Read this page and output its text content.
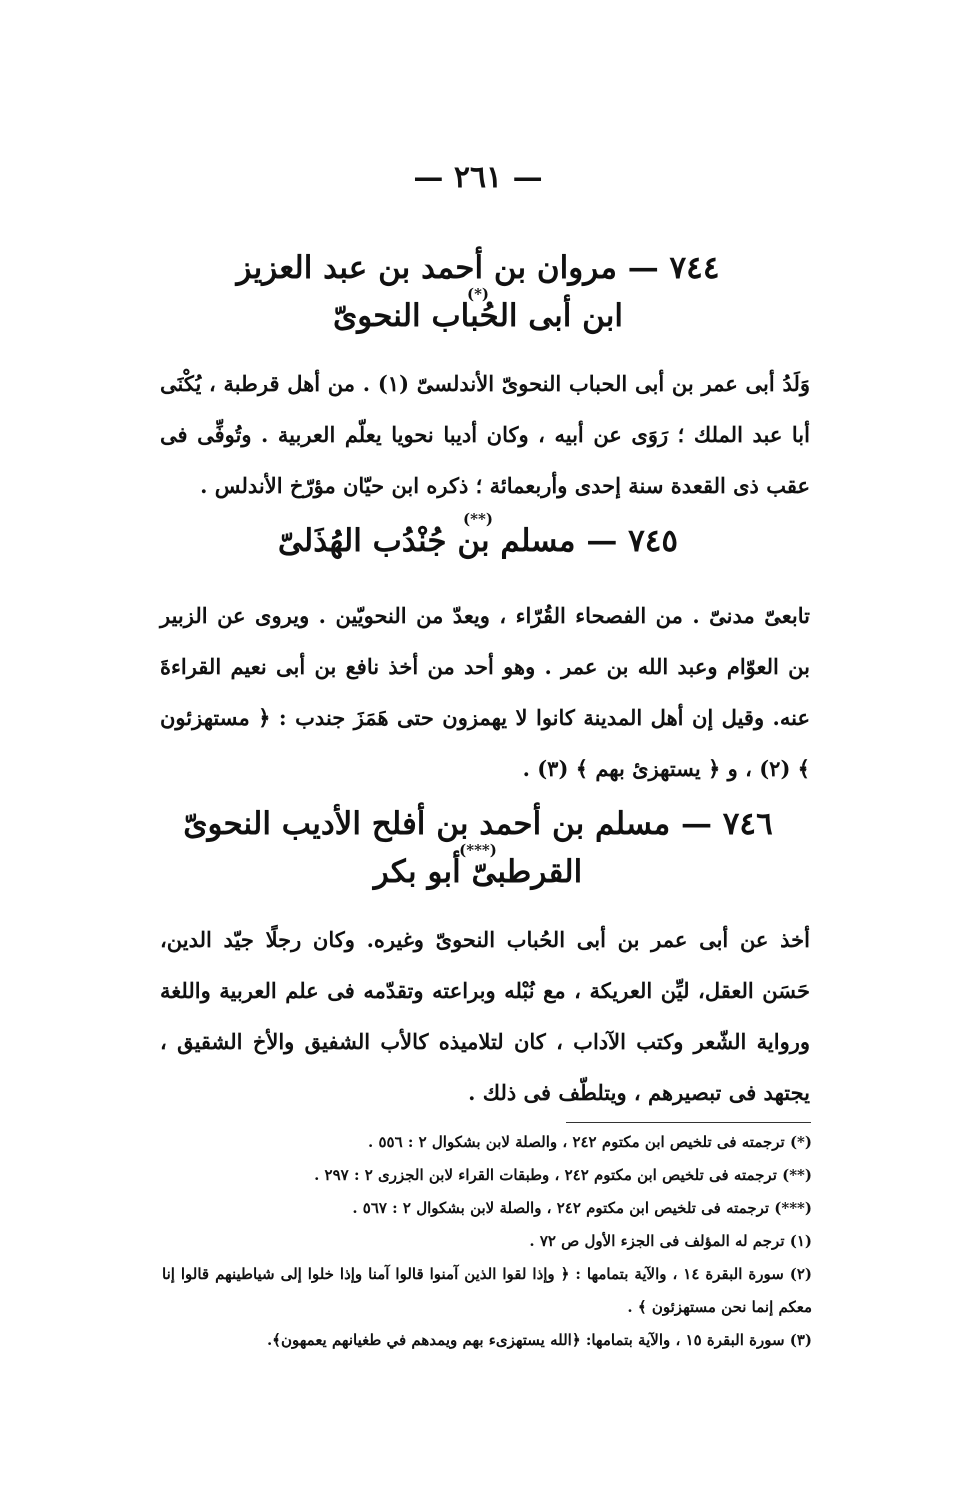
— ٢٦١ —
٧٤٤ — مروان بن أحمد بن عبد العزيز
(*)
ابن أبى الحُباب النحوىّ
وَلَدُ أبى عمر بن أبى الحباب النحوىّ الأندلسىّ (١) . من أهل قرطبة ، يُكْنَى أبا عبد الملك ؛ رَوَى عن أبيه ، وكان أديبا نحويا يعلّم العربية . وتُوفِّى فى عقب ذى القعدة سنة إحدى وأربعمائة ؛ ذكره ابن حيّان مؤرّخ الأندلس .
(**)
٧٤٥ — مسلم بن جُنْدُب الهُذَلىّ
تابعىّ مدنىّ . من الفصحاء القُرّاء ، ويعدّ من النحويّين . ويروى عن الزبير بن العوّام وعبد الله بن عمر . وهو أحد من أخذ نافع بن أبى نعيم القراءةَ عنه. وقيل إن أهل المدينة كانوا لا يهمزون حتى هَمَزَ جندب : ﴿ مستهزئون ﴾ (٢) ، و ﴿ يستهزئ بهم ﴾ (٣) .
٧٤٦ — مسلم بن أحمد بن أفلح الأديب النحوىّ
(***)
القرطبىّ أبو بكر
أخذ عن أبى عمر بن أبى الحُباب النحوىّ وغيره. وكان رجلًا جيّد الدين، حَسَن العقل، ليِّن العريكة ، مع نُبْله وبراعته وتقدّمه فى علم العربية واللغة ورواية الشّعر وكتب الآداب ، كان لتلاميذه كالأب الشفيق والأخ الشقيق ، يجتهد فى تبصيرهم ، ويتلطّف فى ذلك .
(*) ترجمته فى تلخيص ابن مكتوم ٢٤٢ ، والصلة لابن بشكوال ٢ : ٥٥٦ .
(**) ترجمته فى تلخيص ابن مكتوم ٢٤٢ ، وطبقات القراء لابن الجزرى ٢ : ٢٩٧ .
(***) ترجمته فى تلخيص ابن مكتوم ٢٤٢ ، والصلة لابن بشكوال ٢ : ٥٦٧ .
(١) ترجم له المؤلف فى الجزء الأول ص ٧٢ .
(٢) سورة البقرة ١٤ ، والآية بتمامها : ﴿ وإذا لقوا الذين آمنوا قالوا آمنا وإذا خلوا إلى شياطينهم قالوا إنا معكم إنما نحن مستهزئون ﴾ .
(٣) سورة البقرة ١٥ ، والآية بتمامها: ﴿الله يستهزىء بهم ويمدهم في طغيانهم يعمهون﴾.
